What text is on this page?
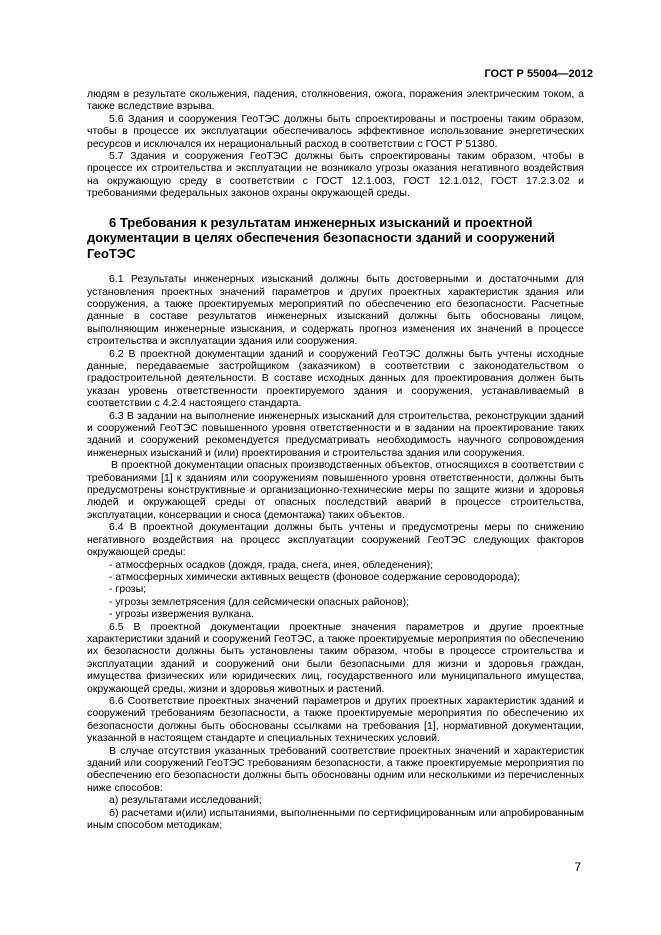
ГОСТ Р 55004—2012

людям в результате скольжения, падения, столкновения, ожога, поражения электрическим током, а также вследствие взрыва.

5.6 Здания и сооружения ГеоТЭС должны быть спроектированы и построены таким образом, чтобы в процессе их эксплуатации обеспечивалось эффективное использование энергетических ресурсов и исключался их нерациональный расход в соответствии с ГОСТ Р 51380.

5.7 Здания и сооружения ГеоТЭС должны быть спроектированы таким образом, чтобы в процессе их строительства и эксплуатации не возникало угрозы оказания негативного воздействия на окружающую среду в соответствии с ГОСТ 12.1.003, ГОСТ 12.1.012, ГОСТ 17.2.3.02 и требованиями федеральных законов охраны окружающей среды.

6 Требования к результатам инженерных изысканий и проектной документации в целях обеспечения безопасности зданий и сооружений ГеоТЭС

6.1 Результаты инженерных изысканий должны быть достоверными и достаточными для установления проектных значений параметров и других проектных характеристик здания или сооружения, а также проектируемых мероприятий по обеспечению его безопасности. Расчетные данные в составе результатов инженерных изысканий должны быть обоснованы лицом, выполняющим инженерные изыскания, и содержать прогноз изменения их значений в процессе строительства и эксплуатации здания или сооружения.

6.2 В проектной документации зданий и сооружений ГеоТЭС должны быть учтены исходные данные, передаваемые застройщиком (заказчиком) в соответствии с законодательством о градостроительной деятельности. В составе исходных данных для проектирования должен быть указан уровень ответственности проектируемого здания и сооружения, устанавливаемый в соответствии с 4.2.4 настоящего стандарта.

6.3 В задании на выполнение инженерных изысканий для строительства, реконструкции зданий и сооружений ГеоТЭС повышенного уровня ответственности и в задании на проектирование таких зданий и сооружений рекомендуется предусматривать необходимость научного сопровождения инженерных изысканий и (или) проектирования и строительства здания или сооружения.

В проектной документации опасных производственных объектов, относящихся в соответствии с требованиями [1] к зданиям или сооружениям повышенного уровня ответственности, должны быть предусмотрены конструктивные и организационно-технические меры по защите жизни и здоровья людей и окружающей среды от опасных последствий аварий в процессе строительства, эксплуатации, консервации и сноса (демонтажа) таких объектов.

6.4 В проектной документации должны быть учтены и предусмотрены меры по снижению негативного воздействия на процесс эксплуатации сооружений ГеоТЭС следующих факторов окружающей среды:

- атмосферных осадков (дождя, града, снега, инея, обледенения);

- атмосферных химически активных веществ (фоновое содержание сероводорода);

- грозы;

- угрозы землетрясения (для сейсмически опасных районов);

- угрозы извержения вулкана.

6.5 В проектной документации проектные значения параметров и другие проектные характеристики зданий и сооружений ГеоТЭС, а также проектируемые мероприятия по обеспечению их безопасности должны быть установлены таким образом, чтобы в процессе строительства и эксплуатации зданий и сооружений они были безопасными для жизни и здоровья граждан, имущества физических или юридических лиц, государственного или муниципального имущества, окружающей среды, жизни и здоровья животных и растений.

6.6 Соответствие проектных значений параметров и других проектных характеристик зданий и сооружений требованиям безопасности, а также проектируемые мероприятия по обеспечению их безопасности должны быть обоснованы ссылками на требования [1], нормативной документации, указанной в настоящем стандарте и специальных технических условий.

В случае отсутствия указанных требований соответствие проектных значений и характеристик зданий или сооружений ГеоТЭС требованиям безопасности, а также проектируемые мероприятия по обеспечению его безопасности должны быть обоснованы одним или несколькими из перечисленных ниже способов:

а) результатами исследований;

б) расчетами и(или) испытаниями, выполненными по сертифицированным или апробированным иным способом методикам;

7
